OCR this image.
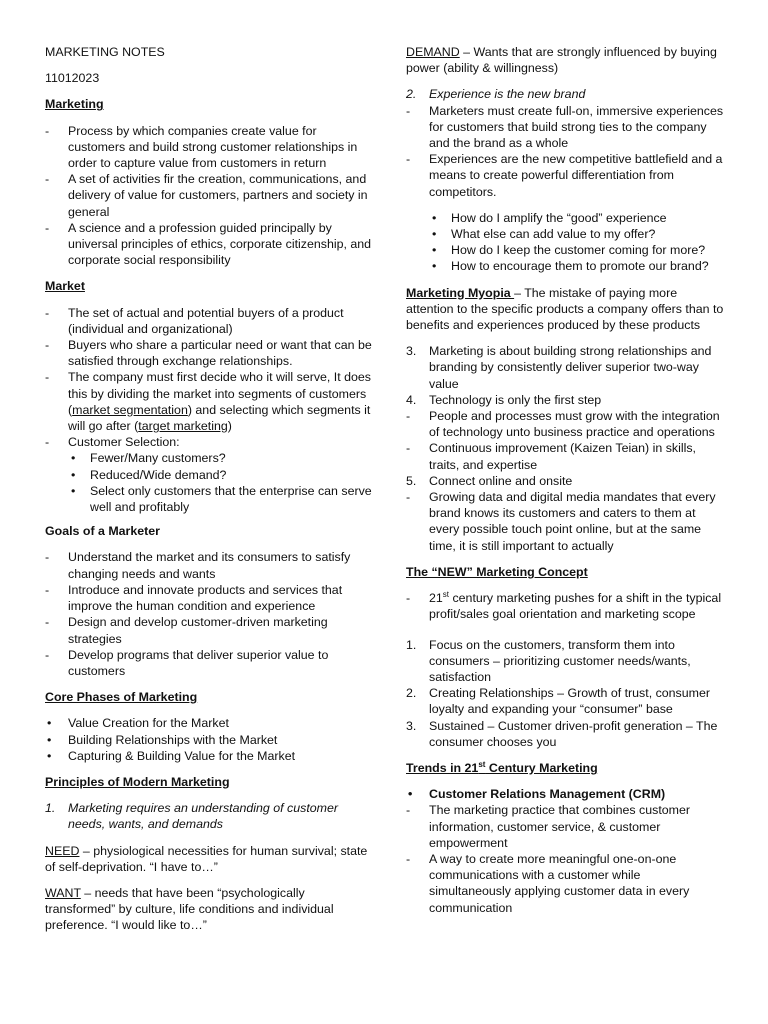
MARKETING NOTES

11012023

Marketing

- Process by which companies create value for customers and build strong customer relationships in order to capture value from customers in return
- A set of activities fir the creation, communications, and delivery of value for customers, partners and society in general
- A science and a profession guided principally by universal principles of ethics, corporate citizenship, and corporate social responsibility

Market

- The set of actual and potential buyers of a product (individual and organizational)
- Buyers who share a particular need or want that can be satisfied through exchange relationships.
- The company must first decide who it will serve, It does this by dividing the market into segments of customers (market segmentation) and selecting which segments it will go after (target marketing)
- Customer Selection:
• Fewer/Many customers?
• Reduced/Wide demand?
• Select only customers that the enterprise can serve well and profitably

Goals of a Marketer

- Understand the market and its consumers to satisfy changing needs and wants
- Introduce and innovate products and services that improve the human condition and experience
- Design and develop customer-driven marketing strategies
- Develop programs that deliver superior value to customers

Core Phases of Marketing

• Value Creation for the Market
• Building Relationships with the Market
• Capturing & Building Value for the Market

Principles of Modern Marketing

1. Marketing requires an understanding of customer needs, wants, and demands

NEED – physiological necessities for human survival; state of self-deprivation. “I have to…”

WANT – needs that have been “psychologically transformed” by culture, life conditions and individual preference. “I would like to…”

DEMAND – Wants that are strongly influenced by buying power (ability & willingness)

2. Experience is the new brand
- Marketers must create full-on, immersive experiences for customers that build strong ties to the company and the brand as a whole
- Experiences are the new competitive battlefield and a means to create powerful differentiation from competitors.
• How do I amplify the “good” experience
• What else can add value to my offer?
• How do I keep the customer coming for more?
• How to encourage them to promote our brand?

Marketing Myopia – The mistake of paying more attention to the specific products a company offers than to benefits and experiences produced by these products

3. Marketing is about building strong relationships and branding by consistently deliver superior two-way value
4. Technology is only the first step
- People and processes must grow with the integration of technology unto business practice and operations
- Continuous improvement (Kaizen Teian) in skills, traits, and expertise
5. Connect online and onsite
- Growing data and digital media mandates that every brand knows its customers and caters to them at every possible touch point online, but at the same time, it is still important to actually

The “NEW” Marketing Concept

- 21st century marketing pushes for a shift in the typical profit/sales goal orientation and marketing scope
1. Focus on the customers, transform them into consumers – prioritizing customer needs/wants, satisfaction
2. Creating Relationships – Growth of trust, consumer loyalty and expanding your “consumer” base
3. Sustained – Customer driven-profit generation – The consumer chooses you

Trends in 21st Century Marketing

• Customer Relations Management (CRM)
- The marketing practice that combines customer information, customer service, & customer empowerment
- A way to create more meaningful one-on-one communications with a customer while simultaneously applying customer data in every communication
